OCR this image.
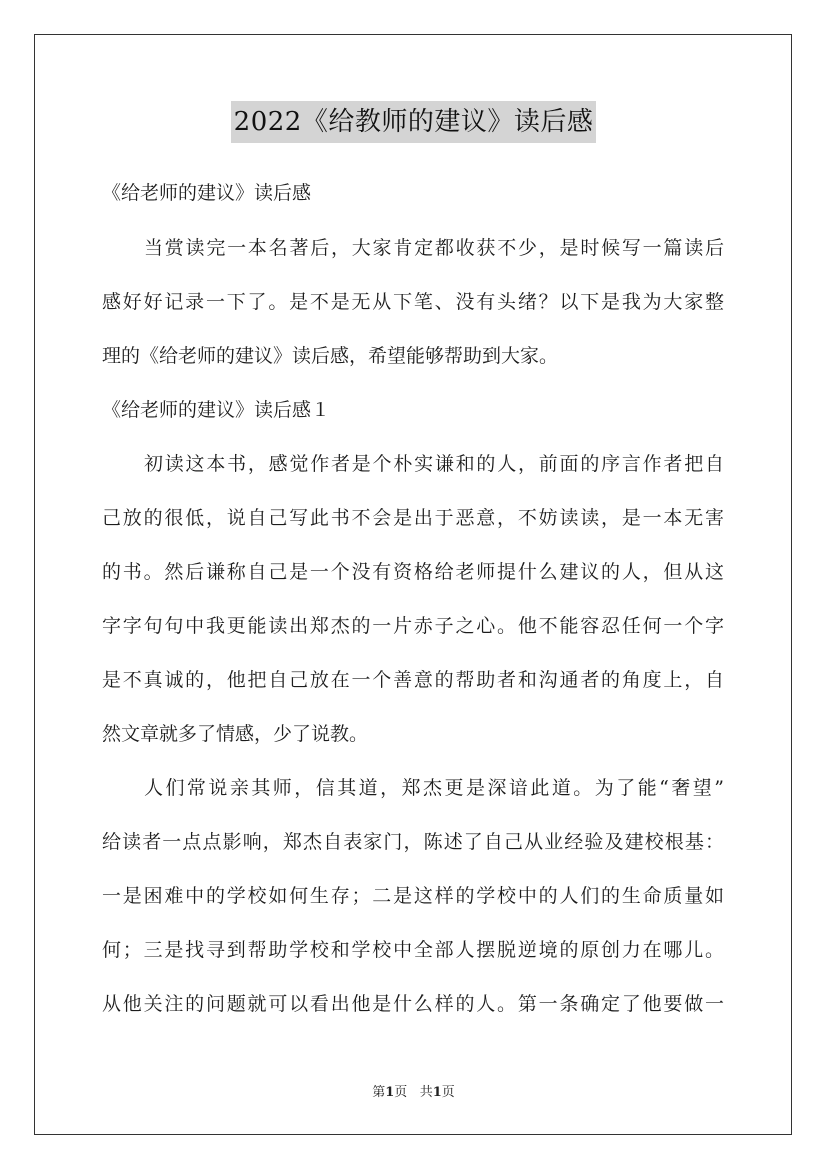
2022《给教师的建议》读后感
《给老师的建议》读后感
当赏读完一本名著后，大家肯定都收获不少，是时候写一篇读后
感好好记录一下了。是不是无从下笔、没有头绪？以下是我为大家整
理的《给老师的建议》读后感，希望能够帮助到大家。
《给老师的建议》读后感１
初读这本书，感觉作者是个朴实谦和的人，前面的序言作者把自
己放的很低，说自己写此书不会是出于恶意，不妨读读，是一本无害
的书。然后谦称自己是一个没有资格给老师提什么建议的人，但从这
字字句句中我更能读出郑杰的一片赤子之心。他不能容忍任何一个字
是不真诚的，他把自己放在一个善意的帮助者和沟通者的角度上，自
然文章就多了情感，少了说教。
人们常说亲其师，信其道，郑杰更是深谙此道。为了能“奢望”
给读者一点点影响，郑杰自表家门，陈述了自己从业经验及建校根基：
一是困难中的学校如何生存；二是这样的学校中的人们的生命质量如
何；三是找寻到帮助学校和学校中全部人摆脱逆境的原创力在哪儿。
从他关注的问题就可以看出他是什么样的人。第一条确定了他要做一
第1页 共1页
